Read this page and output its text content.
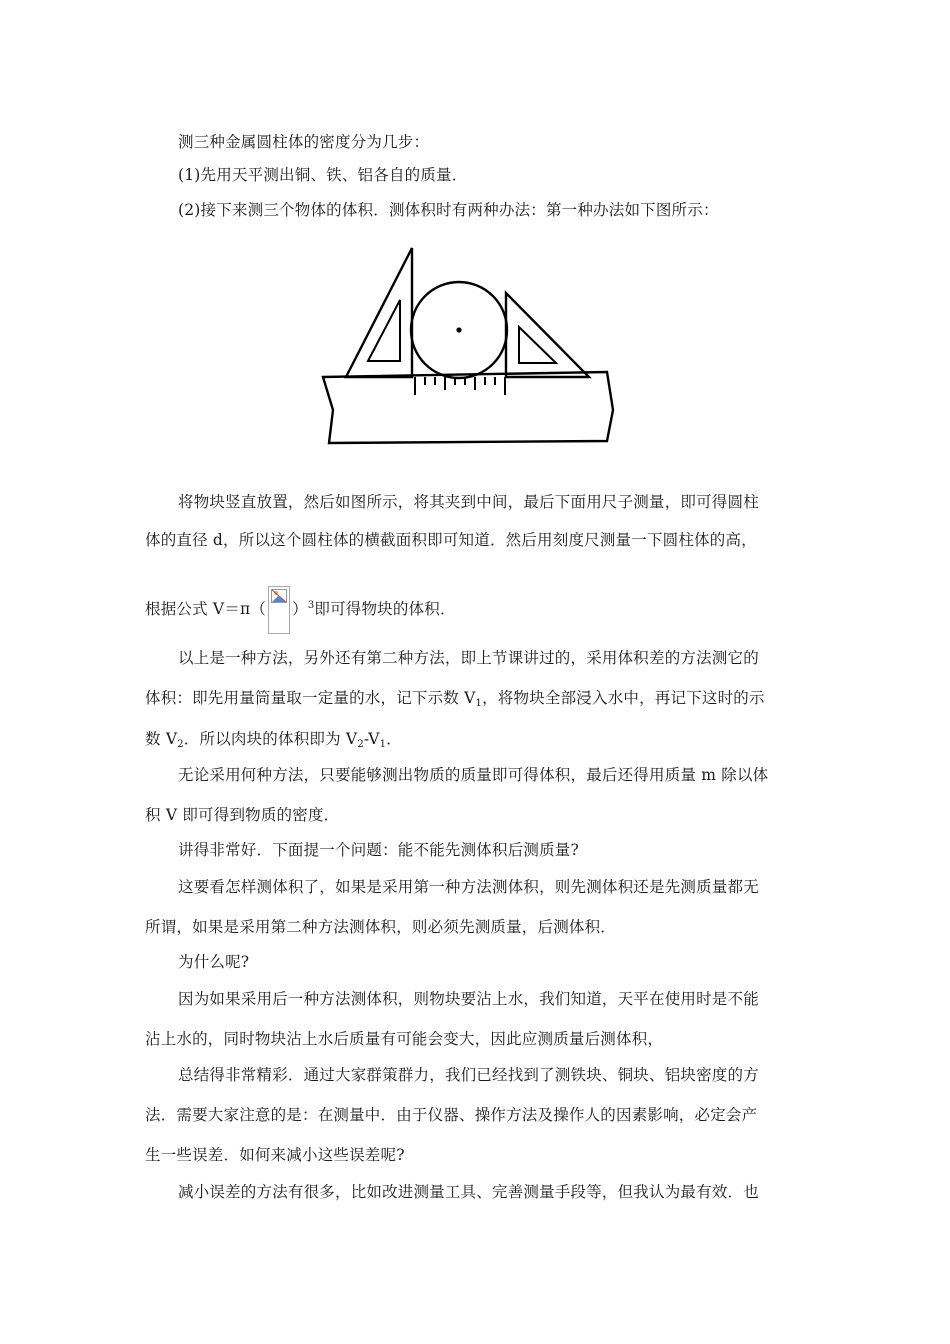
测三种金属圆柱体的密度分为几步：
(1)先用天平测出铜、铁、铝各自的质量．
(2)接下来测三个物体的体积．测体积时有两种办法：第一种办法如下图所示：
将物块竖直放置，然后如图所示，将其夹到中间，最后下面用尺子测量，即可得圆柱
体的直径 d，所以这个圆柱体的横截面积即可知道．然后用刻度尺测量一下圆柱体的高，
根据公式 V＝π（ ）$^3$即可得物块的体积．
以上是一种方法，另外还有第二种方法，即上节课讲过的，采用体积差的方法测它的
体积：即先用量筒量取一定量的水，记下示数 $V_1$，将物块全部浸入水中，再记下这时的示
数 $V_2$．所以肉块的体积即为 $V_2-V_1$．
无论采用何种方法，只要能够测出物质的质量即可得体积，最后还得用质量 m 除以体
积 V 即可得到物质的密度．
讲得非常好．下面提一个问题：能不能先测体积后测质量?
这要看怎样测体积了，如果是采用第一种方法测体积，则先测体积还是先测质量都无
所谓，如果是采用第二种方法测体积，则必须先测质量，后测体积．
为什么呢?
因为如果采用后一种方法测体积，则物块要沾上水，我们知道，天平在使用时是不能
沾上水的，同时物块沾上水后质量有可能会变大，因此应测质量后测体积，
总结得非常精彩．通过大家群策群力，我们已经找到了测铁块、铜块、铝块密度的方
法．需要大家注意的是：在测量中．由于仪器、操作方法及操作人的因素影响，必定会产
生一些误差．如何来减小这些误差呢?
减小误差的方法有很多，比如改进测量工具、完善测量手段等，但我认为最有效．也
